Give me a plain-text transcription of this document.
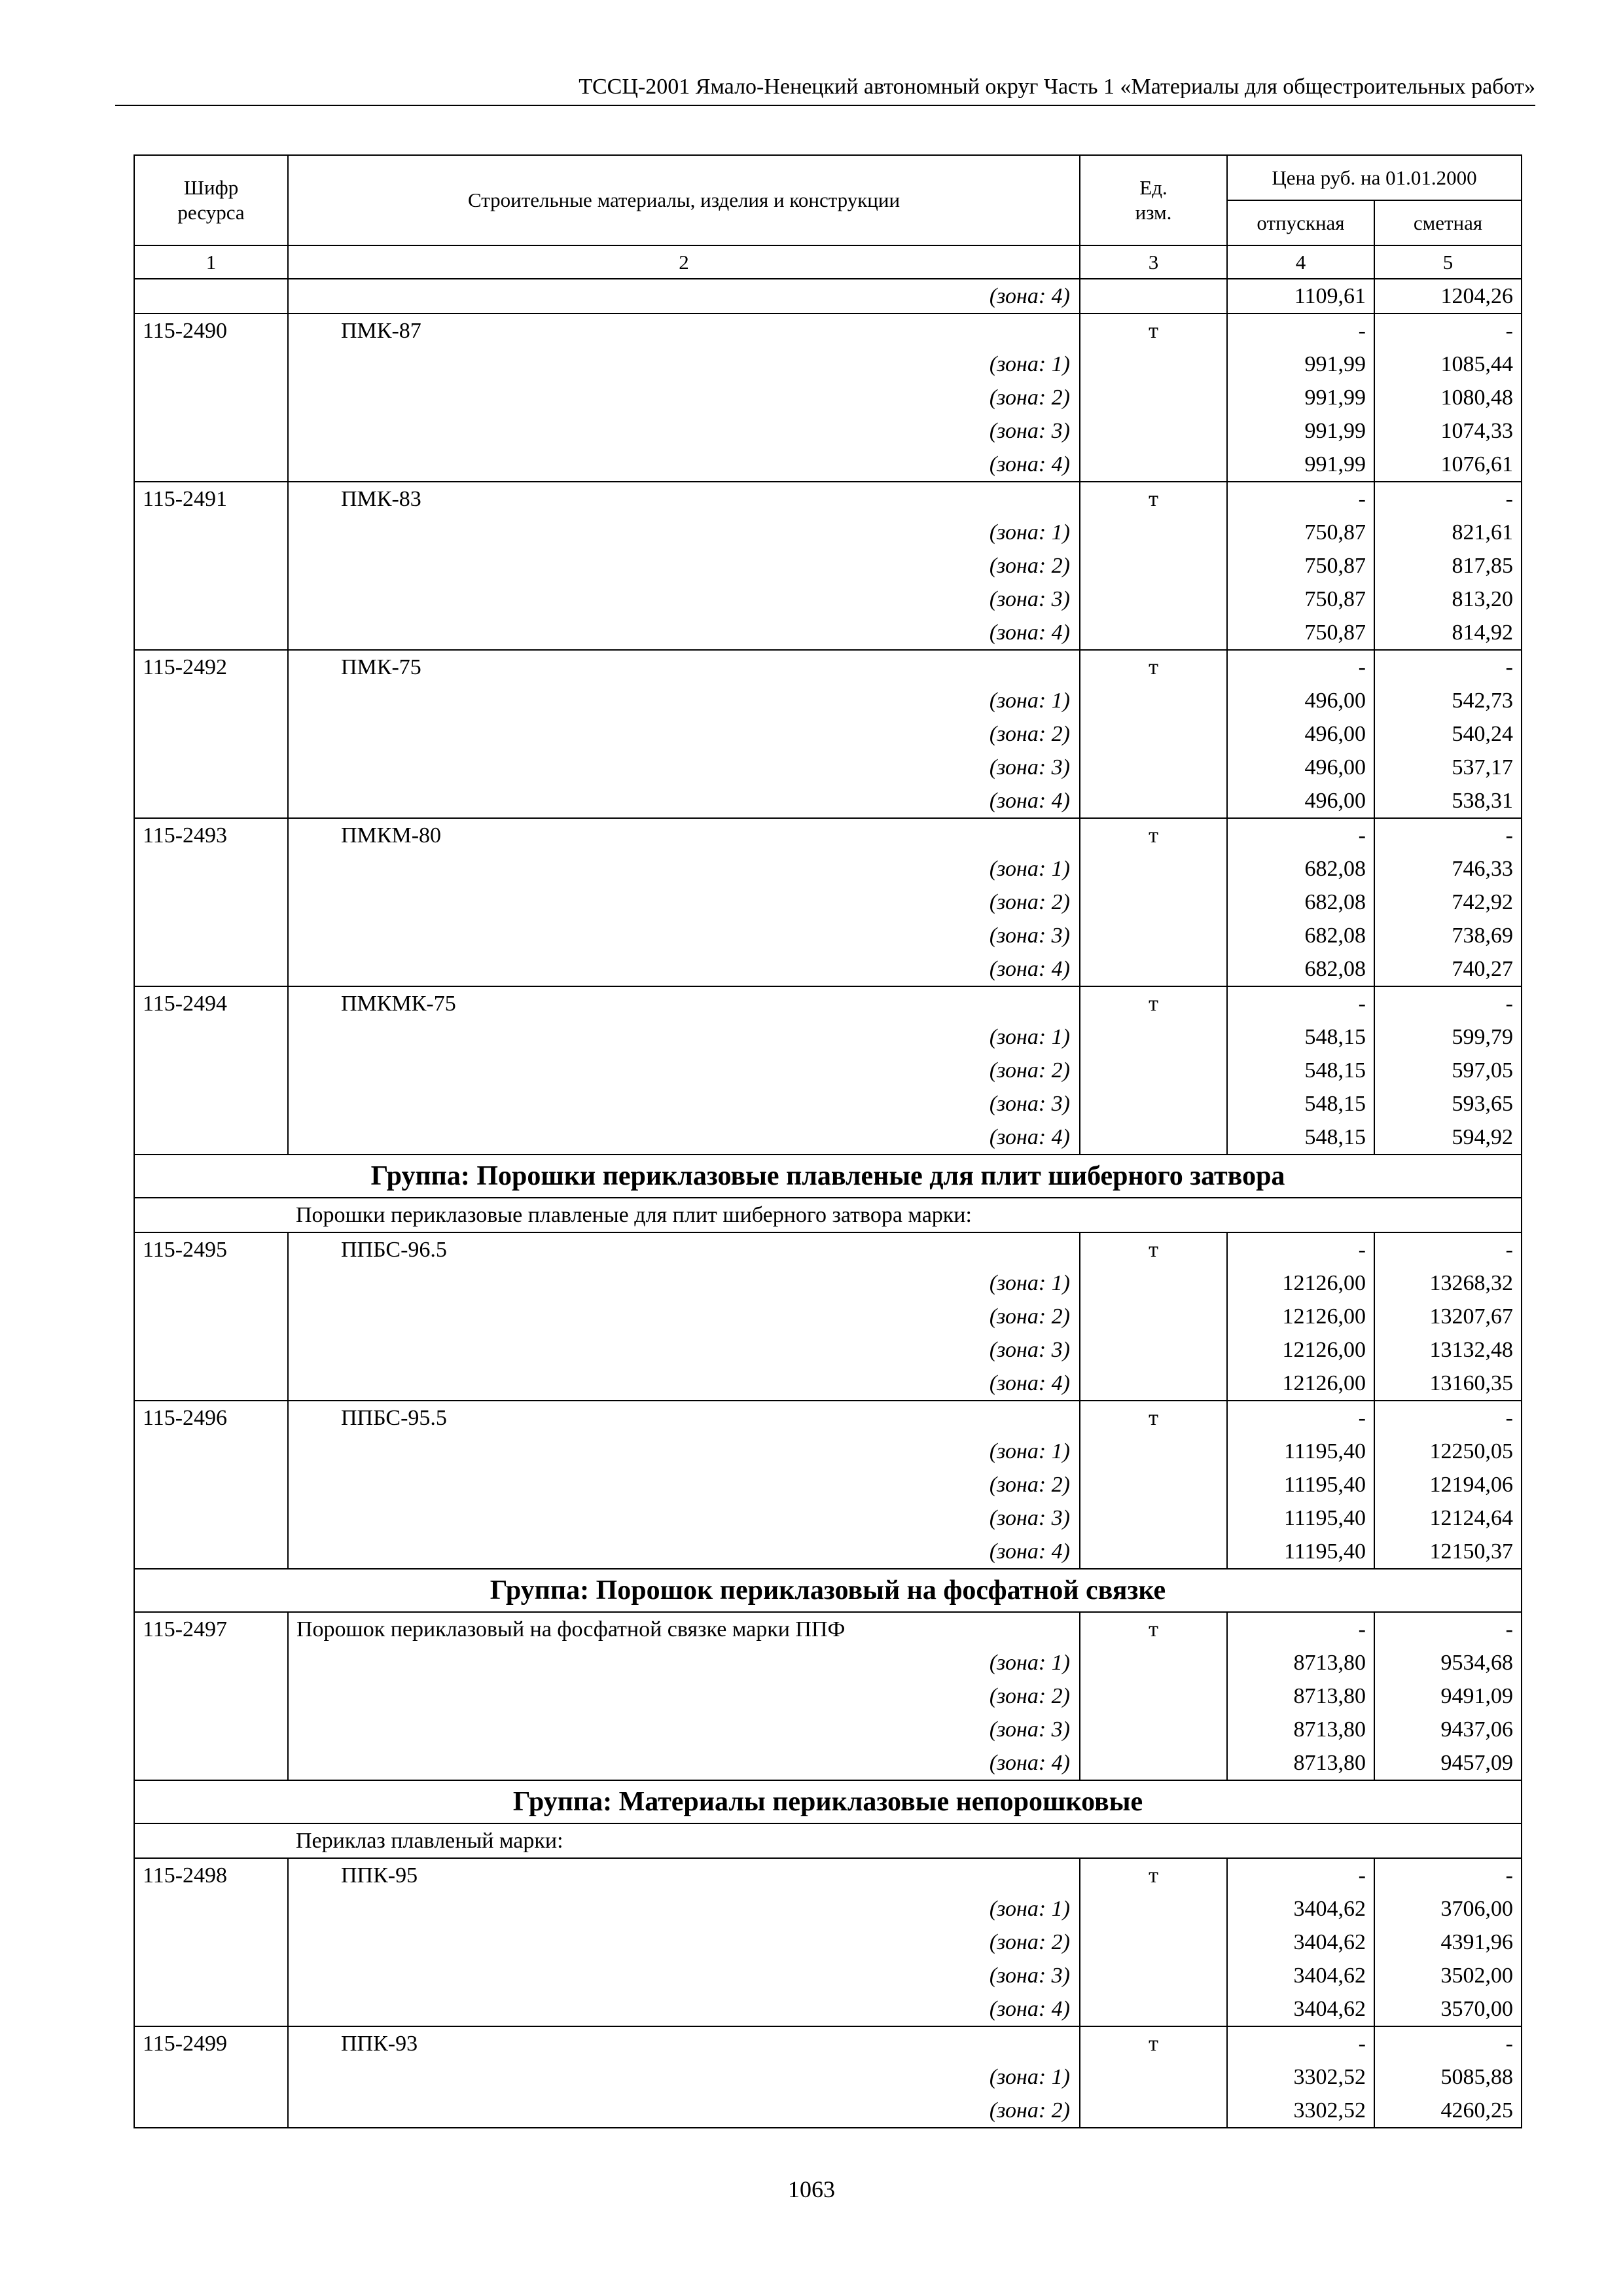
ТССЦ-2001 Ямало-Ненецкий автономный округ Часть 1 «Материалы для общестроительных работ»
Шифр ресурса	Строительные материалы, изделия и конструкции	Ед. изм.	Цена руб. на 01.01.2000	
			отпускная	сметная
1	2	3	4	5
	(зона: 4)		1109,61	1204,26
115-2490	ПМК-87	т	-	-
	(зона: 1)		991,99	1085,44
	(зона: 2)		991,99	1080,48
	(зона: 3)		991,99	1074,33
	(зона: 4)		991,99	1076,61
115-2491	ПМК-83	т	-	-
	(зона: 1)		750,87	821,61
	(зона: 2)		750,87	817,85
	(зона: 3)		750,87	813,20
	(зона: 4)		750,87	814,92
115-2492	ПМК-75	т	-	-
	(зона: 1)		496,00	542,73
	(зона: 2)		496,00	540,24
	(зона: 3)		496,00	537,17
	(зона: 4)		496,00	538,31
115-2493	ПМКМ-80	т	-	-
	(зона: 1)		682,08	746,33
	(зона: 2)		682,08	742,92
	(зона: 3)		682,08	738,69
	(зона: 4)		682,08	740,27
115-2494	ПМКМК-75	т	-	-
	(зона: 1)		548,15	599,79
	(зона: 2)		548,15	597,05
	(зона: 3)		548,15	593,65
	(зона: 4)		548,15	594,92
Группа: Порошки периклазовые плавленые для плит шиберного затвора				
Порошки периклазовые плавленые для плит шиберного затвора марки:				
115-2495	ППБС-96.5	т	-	-
	(зона: 1)		12126,00	13268,32
	(зона: 2)		12126,00	13207,67
	(зона: 3)		12126,00	13132,48
	(зона: 4)		12126,00	13160,35
115-2496	ППБС-95.5	т	-	-
	(зона: 1)		11195,40	12250,05
	(зона: 2)		11195,40	12194,06
	(зона: 3)		11195,40	12124,64
	(зона: 4)		11195,40	12150,37
Группа: Порошок периклазовый на фосфатной связке				
115-2497	Порошок периклазовый на фосфатной связке марки ППФ	т	-	-
	(зона: 1)		8713,80	9534,68
	(зона: 2)		8713,80	9491,09
	(зона: 3)		8713,80	9437,06
	(зона: 4)		8713,80	9457,09
Группа: Материалы периклазовые непорошковые				
Периклаз плавленый марки:				
115-2498	ППК-95	т	-	-
	(зона: 1)		3404,62	3706,00
	(зона: 2)		3404,62	4391,96
	(зона: 3)		3404,62	3502,00
	(зона: 4)		3404,62	3570,00
115-2499	ППК-93	т	-	-
	(зона: 1)		3302,52	5085,88
	(зона: 2)		3302,52	4260,25
1063
